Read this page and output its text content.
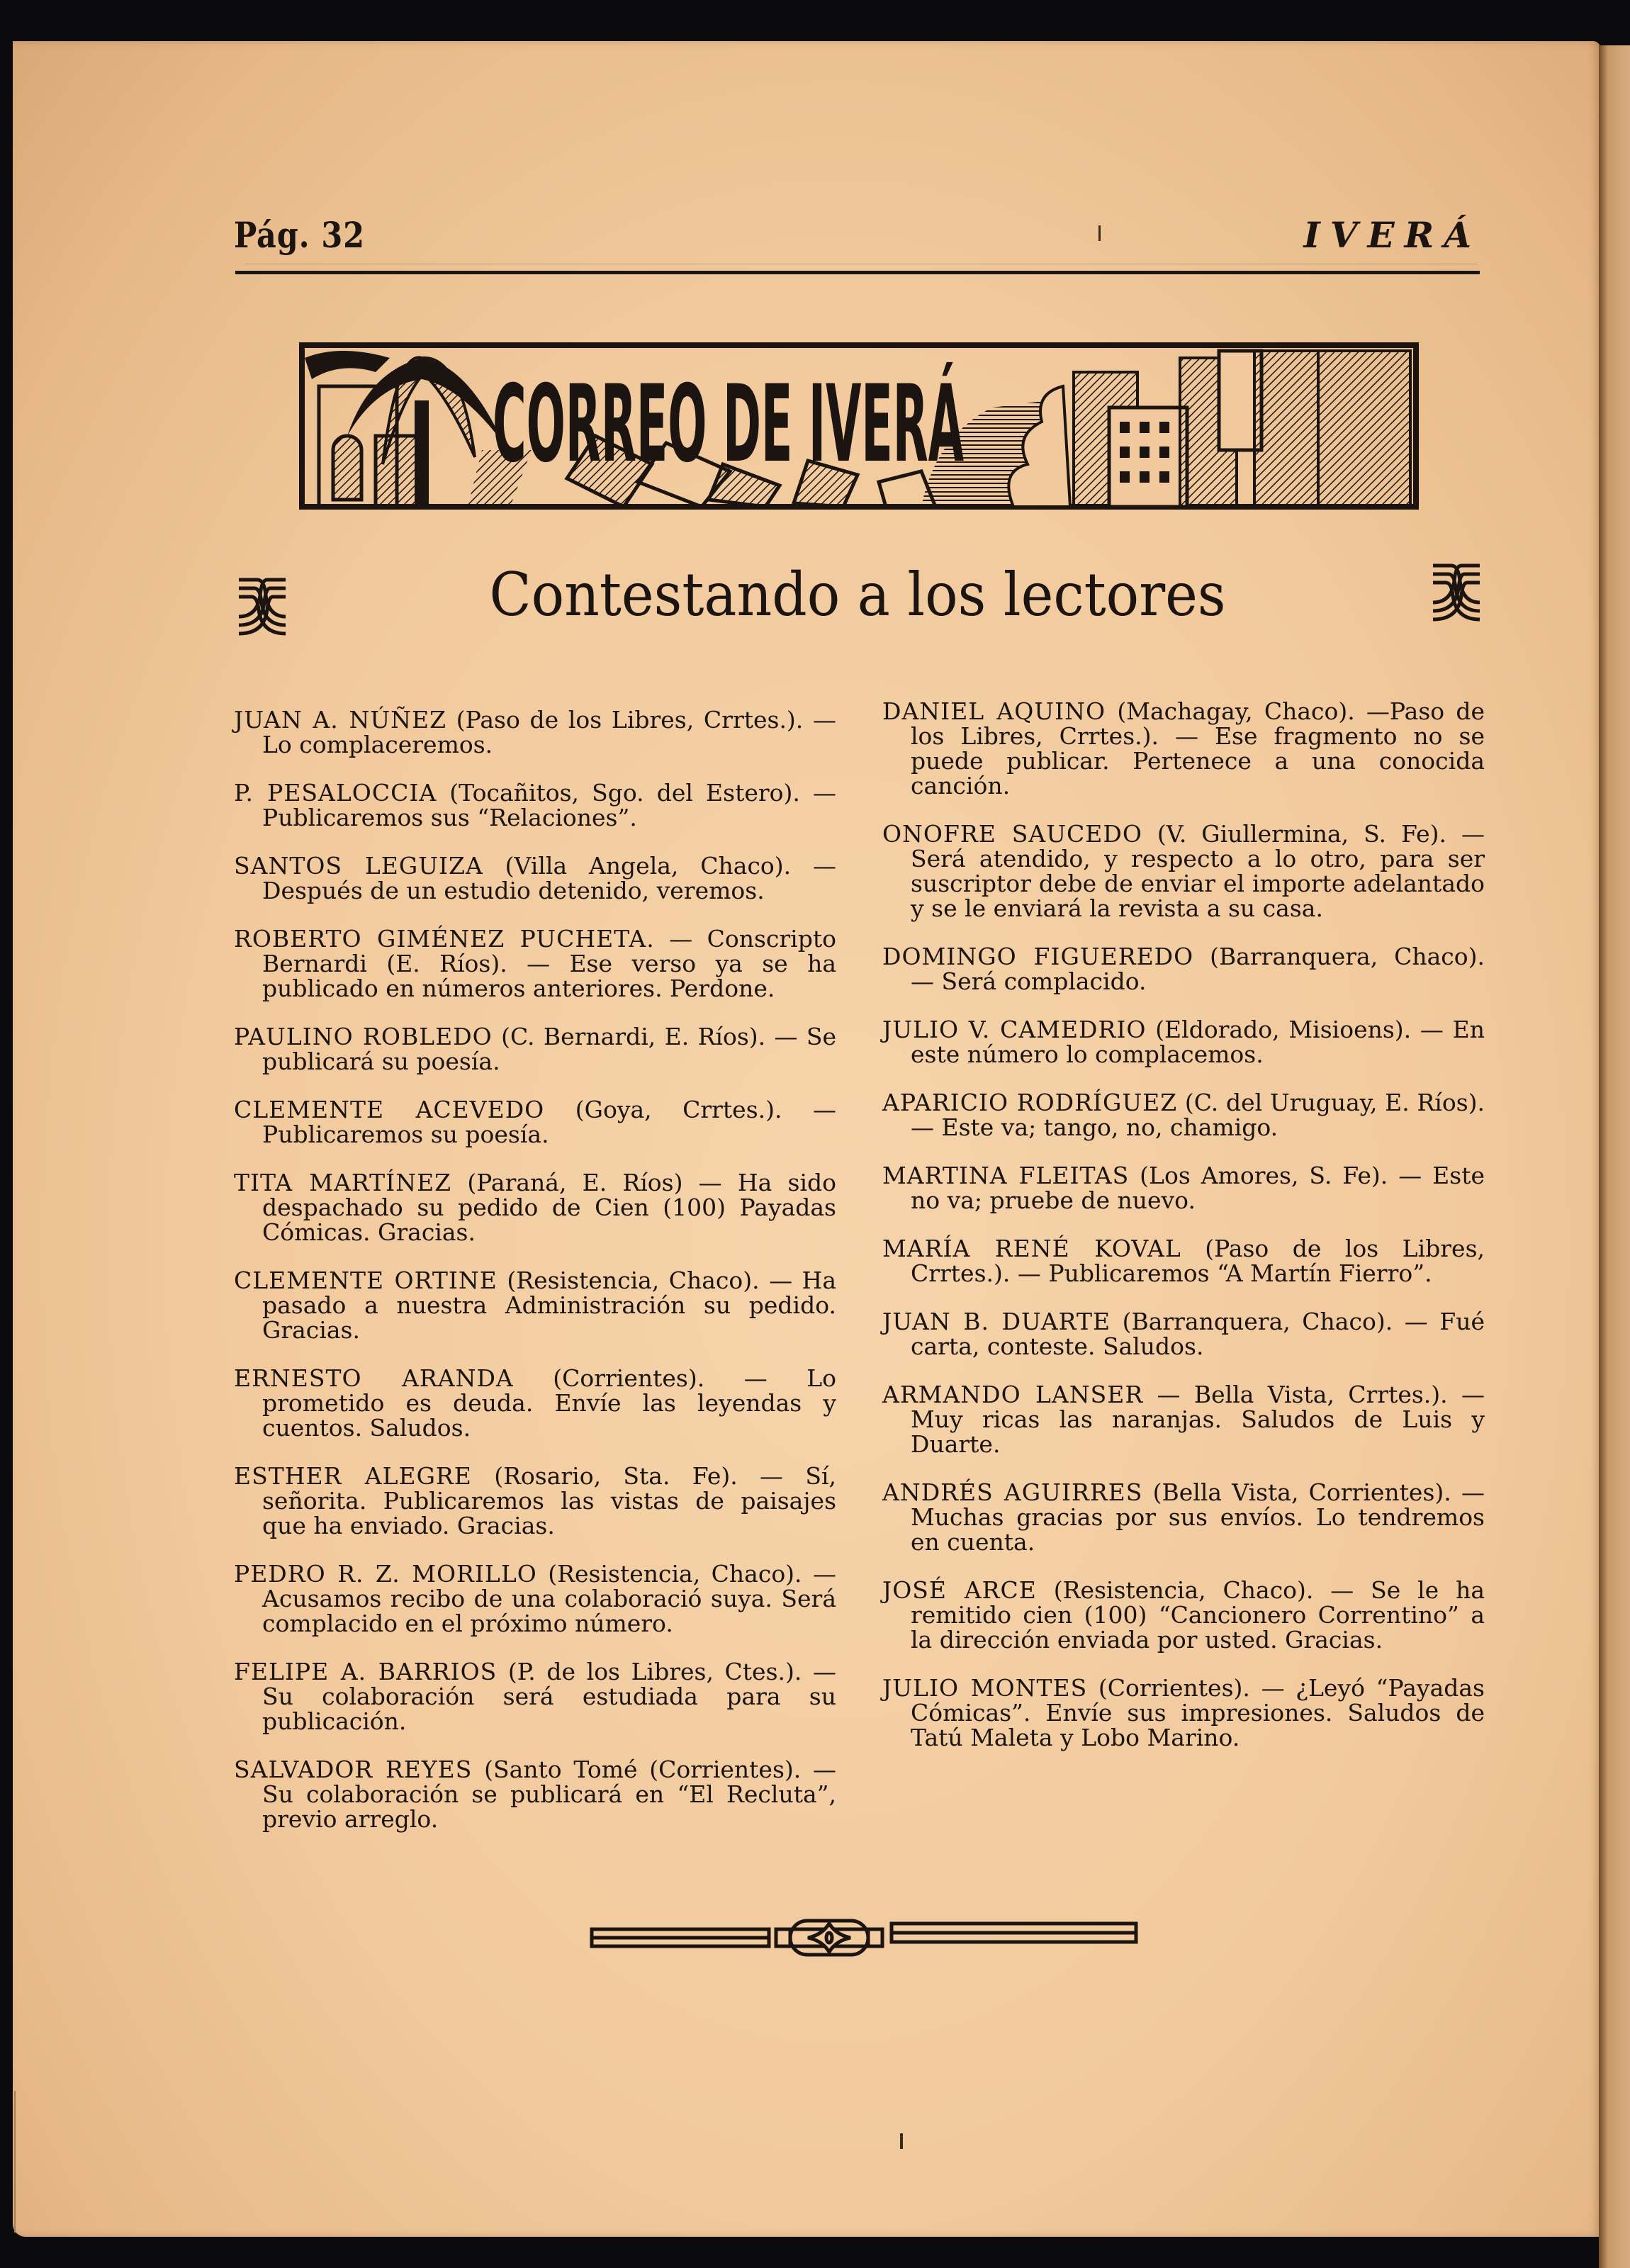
Pág. 32	IVERÁ
Contestando a los lectores

JUAN A. NÚÑEZ (Paso de los Libres, Crrtes.). — Lo complaceremos.

P. PESALOCCIA (Tocañitos, Sgo. del Estero). — Publicaremos sus “Relaciones”.

SANTOS LEGUIZA (Villa Angela, Chaco). — Después de un estudio detenido, veremos.

ROBERTO GIMÉNEZ PUCHETA. — Conscripto Bernardi (E. Ríos). — Ese verso ya se ha publicado en números anteriores. Perdone.

PAULINO ROBLEDO (C. Bernardi, E. Ríos). — Se publicará su poesía.

CLEMENTE ACEVEDO (Goya, Crrtes.). — Publicaremos su poesía.

TITA MARTÍNEZ (Paraná, E. Ríos) — Ha sido despachado su pedido de Cien (100) Payadas Cómicas. Gracias.

CLEMENTE ORTINE (Resistencia, Chaco). — Ha pasado a nuestra Administración su pedido. Gracias.

ERNESTO ARANDA (Corrientes). — Lo prometido es deuda. Envíe las leyendas y cuentos. Saludos.

ESTHER ALEGRE (Rosario, Sta. Fe). — Sí, señorita. Publicaremos las vistas de paisajes que ha enviado. Gracias.

PEDRO R. Z. MORILLO (Resistencia, Chaco). — Acusamos recibo de una colaboració suya. Será complacido en el próximo número.

FELIPE A. BARRIOS (P. de los Libres, Ctes.). — Su colaboración será estudiada para su publicación.

SALVADOR REYES (Santo Tomé (Corrientes). — Su colaboración se publicará en “El Recluta”, previo arreglo.

DANIEL AQUINO (Machagay, Chaco). —Paso de los Libres, Crrtes.). — Ese fragmento no se puede publicar. Pertenece a una conocida canción.

ONOFRE SAUCEDO (V. Giullermina, S. Fe). — Será atendido, y respecto a lo otro, para ser suscriptor debe de enviar el importe adelantado y se le enviará la revista a su casa.

DOMINGO FIGUEREDO (Barranquera, Chaco). — Será complacido.

JULIO V. CAMEDRIO (Eldorado, Misioens). — En este número lo complacemos.

APARICIO RODRÍGUEZ (C. del Uruguay, E. Ríos). — Este va; tango, no, chamigo.

MARTINA FLEITAS (Los Amores, S. Fe). — Este no va; pruebe de nuevo.

MARÍA RENÉ KOVAL (Paso de los Libres, Crrtes.). — Publicaremos “A Martín Fierro”.

JUAN B. DUARTE (Barranquera, Chaco). — Fué carta, conteste. Saludos.

ARMANDO LANSER — Bella Vista, Crrtes.). — Muy ricas las naranjas. Saludos de Luis y Duarte.

ANDRÉS AGUIRRES (Bella Vista, Corrientes). — Muchas gracias por sus envíos. Lo tendremos en cuenta.

JOSÉ ARCE (Resistencia, Chaco). — Se le ha remitido cien (100) “Cancionero Correntino” a la dirección enviada por usted. Gracias.

JULIO MONTES (Corrientes). — ¿Leyó “Payadas Cómicas”. Envíe sus impresiones. Saludos de Tatú Maleta y Lobo Marino.
